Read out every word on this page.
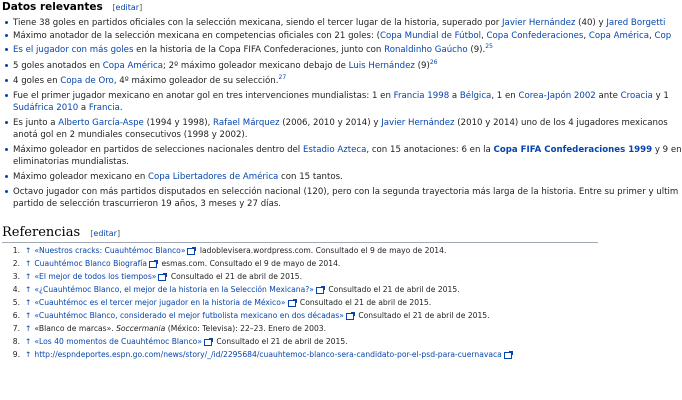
Datos relevantes [editar]
Tiene 38 goles en partidos oficiales con la selección mexicana, siendo el tercer lugar de la historia, superado por Javier Hernández (40) y Jared Borgetti
Máximo anotador de la selección mexicana en competencias oficiales con 21 goles: (Copa Mundial de Fútbol, Copa Confederaciones, Copa América, Cop
Es el jugador con más goles en la historia de la Copa FIFA Confederaciones, junto con Ronaldinho Gaúcho (9).$^{25}$
5 goles anotados en Copa América; 2º máximo goleador mexicano debajo de Luis Hernández $(9)^{26}$
4 goles en Copa de Oro, 4º máximo goleador de su selección.$^{27}$
Fue el primer jugador mexicano en anotar gol en tres intervenciones mundialistas: 1 en Francia 1998 a Bélgica, 1 en Corea-Japón 2002 ante Croacia y 1
Sudáfrica 2010 a Francia.
Es junto a Alberto García-Aspe (1994 y 1998), Rafael Márquez (2006, 2010 y 2014) y Javier Hernández (2010 y 2014) uno de los 4 jugadores mexicanos
anotá gol en 2 mundiales consecutivos (1998 y 2002).
Máximo goleador en partidos de selecciones nacionales dentro del Estadio Azteca, con 15 anotaciones: 6 en la Copa FIFA Confederaciones 1999 y 9 en
eliminatorias mundialistas.
Máximo goleador mexicano en Copa Libertadores de América con 15 tantos.
Octavo jugador con más partidos disputados en selección nacional (120), pero con la segunda trayectoria más larga de la historia. Entre su primer y ultim
partido de selección trascurrieron 19 años, 3 meses y 27 días.
Referencias [editar]
1. ↑ «Nuestros cracks: Cuauhtémoc Blanco» ladoblevisera.wordpress.com. Consultado el 9 de mayo de 2014.
2. ↑ Cuauhtémoc Blanco Biografía esmas.com. Consultado el 9 de mayo de 2014.
3. ↑ «El mejor de todos los tiempos» Consultado el 21 de abril de 2015.
4. ↑ «¿Cuauhtémoc Blanco, el mejor de la historia en la Selección Mexicana?» Consultado el 21 de abril de 2015.
5. ↑ «Cuauhtémoc es el tercer mejor jugador en la historia de México» Consultado el 21 de abril de 2015.
6. ↑ «Cuauhtémoc Blanco, considerado el mejor futbolista mexicano en dos décadas» Consultado el 21 de abril de 2015.
7. ↑ «Blanco de marcas». Soccermania (México: Televisa): 22–23. Enero de 2003.
8. ↑ «Los 40 momentos de Cuauhtémoc Blanco» Consultado el 21 de abril de 2015.
9. ↑ http://espndeportes.espn.go.com/news/story/_/id/2295684/cuauhtemoc-blanco-sera-candidato-por-el-psd-para-cuernavaca
